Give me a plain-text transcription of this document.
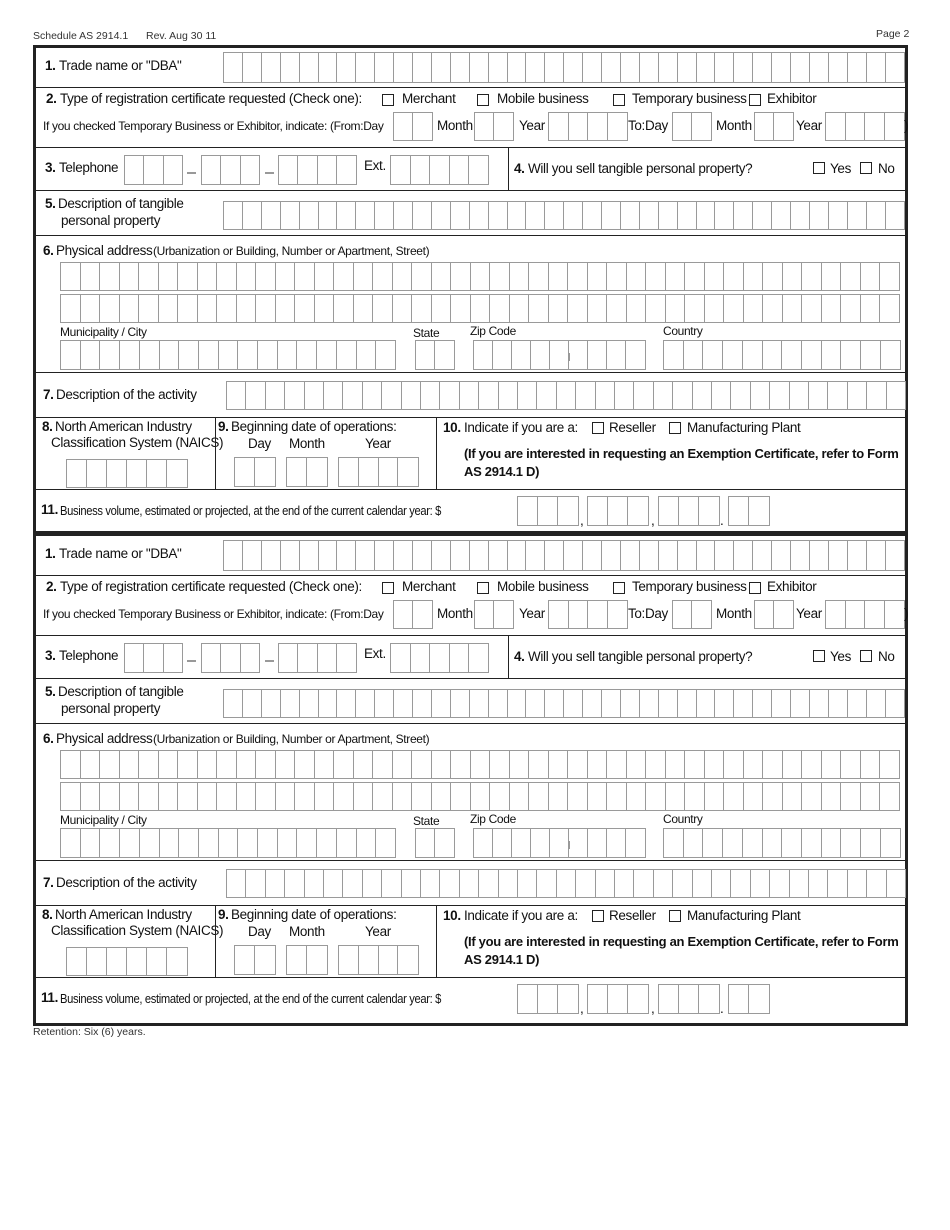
Schedule AS 2914.1 Rev. Aug 30 11	Page 2
1. Trade name or "DBA"
2. Type of registration certificate requested (Check one):	Merchant	Mobile business	Temporary business Exhibitor
If you checked Temporary Business or Exhibitor, indicate: (From:Day	Month	Year	To:Day	Month	Year	)
3. Telephone	Ext.	4. Will you sell tangible personal property?	Yes No
5. Description of tangible
personal property
6. Physical address (Urbanization or Building, Number or Apartment, Street)
Municipality / City	State	Zip Code	Country
7. Description of the activity
8. North American Industry
Classification System (NAICS)
9. Beginning date of operations:
Day Month	Year
10. Indicate if you are a: Reseller Manufacturing Plant
(If you are interested in requesting an Exemption Certificate, refer to Form
AS 2914.1 D)
11. Business volume, estimated or projected, at the end of the current calendar year: $
,	,	.
1. Trade name or "DBA"
2. Type of registration certificate requested (Check one):	Merchant	Mobile business	Temporary business Exhibitor
If you checked Temporary Business or Exhibitor, indicate: (From:Day	Month	Year	To:Day	Month	Year	)
3. Telephone	Ext.	4. Will you sell tangible personal property?	Yes No
5. Description of tangible
personal property
6. Physical address (Urbanization or Building, Number or Apartment, Street)
Municipality / City	State	Zip Code	Country
7. Description of the activity
8. North American Industry
Classification System (NAICS)
9. Beginning date of operations:
Day Month	Year
10. Indicate if you are a: Reseller Manufacturing Plant
(If you are interested in requesting an Exemption Certificate, refer to Form
AS 2914.1 D)
11. Business volume, estimated or projected, at the end of the current calendar year: $
,	,	.
Retention: Six (6) years.
